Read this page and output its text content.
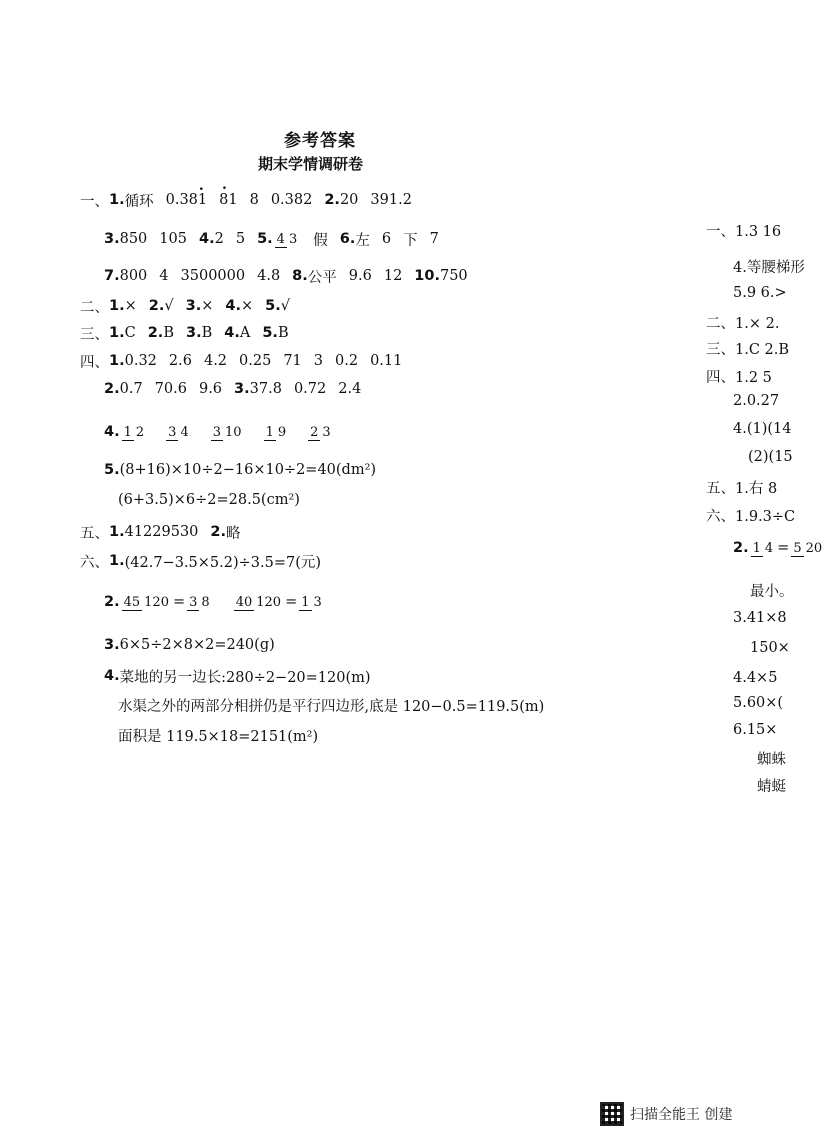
参考答案
期末学情调研卷
一、 1. 循环 0.38
. 1 81 8 0.382 2. 20 391.2
.
3. 850 105 4. 2 5 5. 4 3 假 6. 左 6 下 7
7. 800 4 3500000 4.8 8. 公平 9.6 12 10. 750
二、 1. × 2. √ 3. × 4. × 5. √
三、 1. C 2. B 3. B 4. A 5. B
四、 1. 0.32 2.6 4.2 0.25 71 3 0.2 0.11
2. 0.7 70.6 9.6 3. 37.8 0.72 2.4
4. 1 2 3 4 3 10 1 9 2 3
5. (8+16)×10÷2−16×10÷2=40(dm²)
(6+3.5)×6÷2=28.5(cm²)
五、 1. 41229530 2. 略
六、 1. (42.7−3.5×5.2)÷3.5=7(元)
2. 45 120 = 3 8 40 120 = 1 3
3. 6×5÷2×8×2=240(g)
4. 菜地的另一边长:280÷2−20=120(m)
水渠之外的两部分相拼仍是平行四边形,底是 120−0.5=119.5(m)
面积是 119.5×18=2151(m²)
一、1.3 16
4.等腰梯形
5.9 6.>
二、1.× 2.
三、1.C 2.B
四、1.2 5
2.0.27
4.(1)(14
(2)(15
五、1.右 8
六、1.9.3÷C
2. 1 4 = 5 20
最小。
3.41×8
150×
4.4×5
5.60×(
6.15×
蜘蛛
蜻蜓
扫描全能王 创建
